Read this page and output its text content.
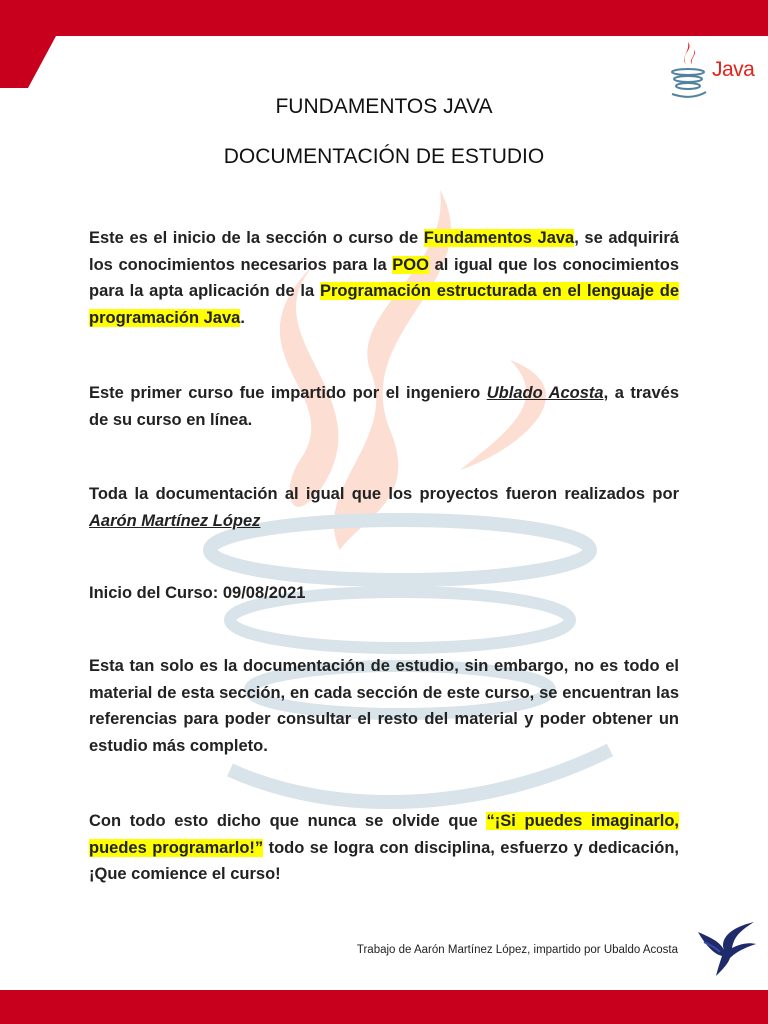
Java
FUNDAMENTOS JAVA
DOCUMENTACIÓN DE ESTUDIO

Este es el inicio de la sección o curso de Fundamentos Java, se adquirirá los conocimientos necesarios para la POO al igual que los conocimientos para la apta aplicación de la Programación estructurada en el lenguaje de programación Java.

Este primer curso fue impartido por el ingeniero Ublado Acosta, a través de su curso en línea.

Toda la documentación al igual que los proyectos fueron realizados por Aarón Martínez López

Inicio del Curso: 09/08/2021

Esta tan solo es la documentación de estudio, sin embargo, no es todo el material de esta sección, en cada sección de este curso, se encuentran las referencias para poder consultar el resto del material y poder obtener un estudio más completo.

Con todo esto dicho que nunca se olvide que “¡Si puedes imaginarlo, puedes programarlo!” todo se logra con disciplina, esfuerzo y dedicación, ¡Que comience el curso!

Trabajo de Aarón Martínez López, impartido por Ubaldo Acosta
